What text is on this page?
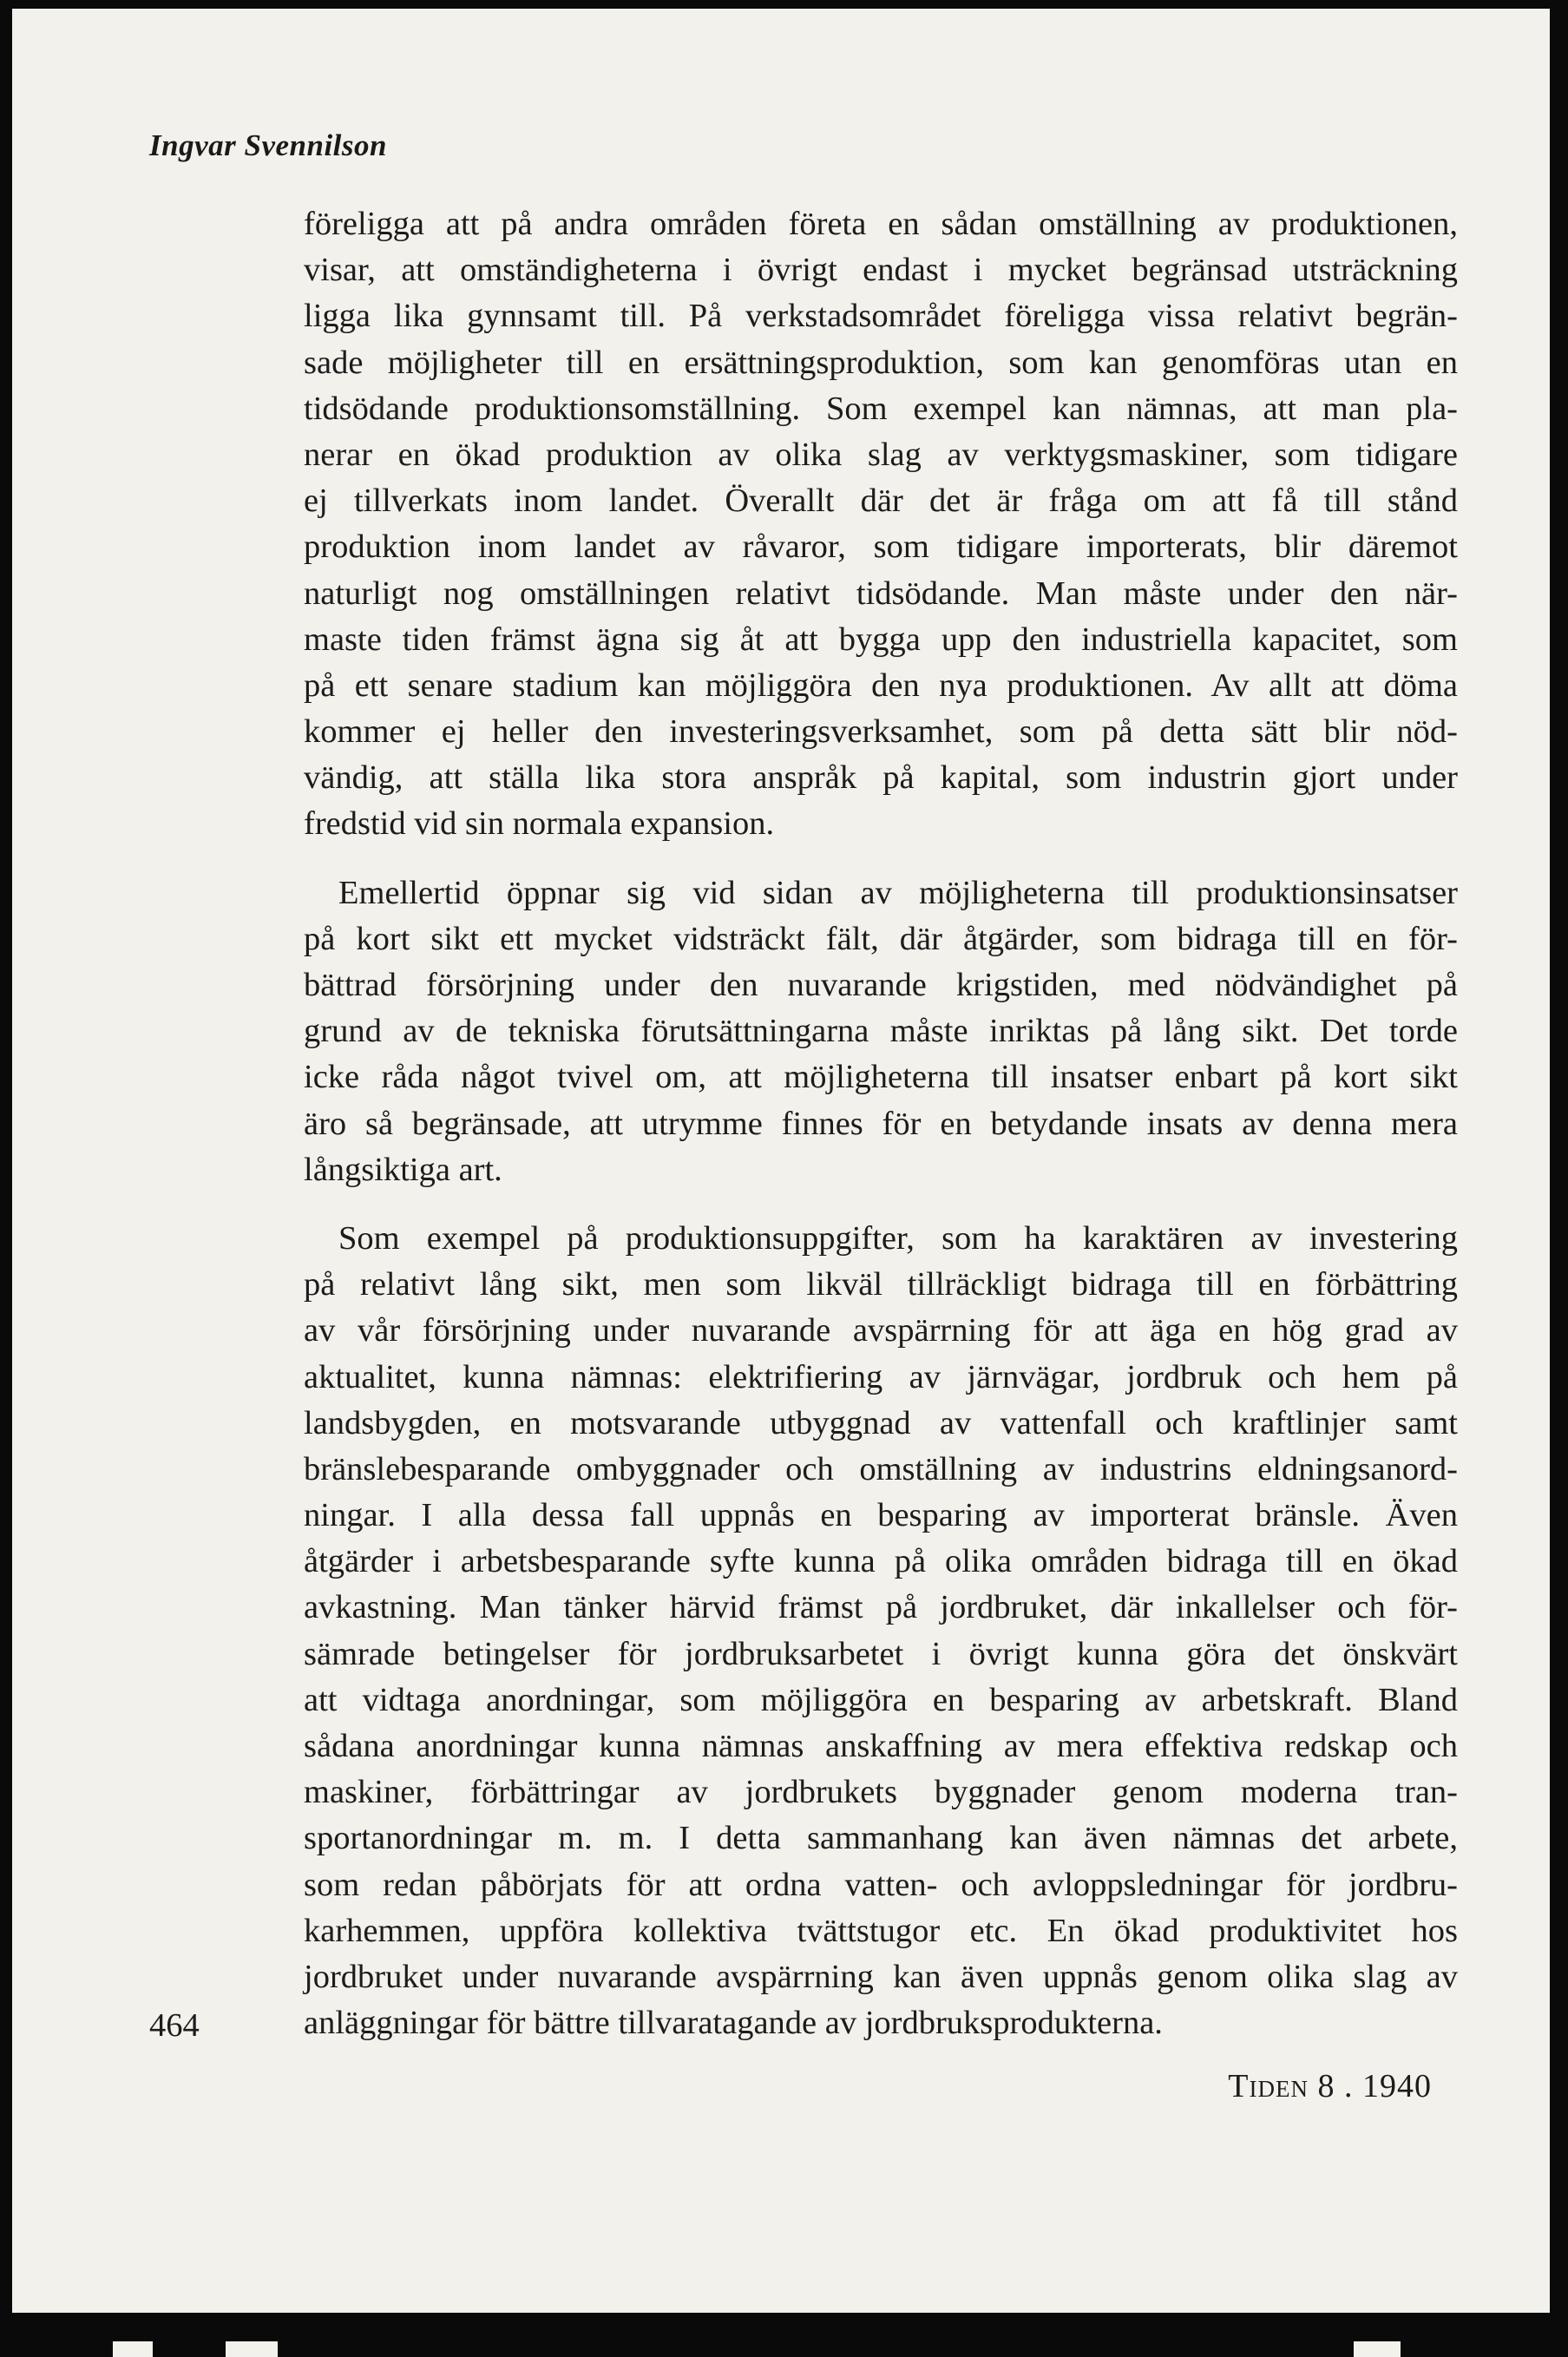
Ingvar Svennilson

föreligga att på andra områden företa en sådan omställning av produktionen,
visar, att omständigheterna i övrigt endast i mycket begränsad utsträckning
ligga lika gynnsamt till. På verkstadsområdet föreligga vissa relativt begrän-
sade möjligheter till en ersättningsproduktion, som kan genomföras utan en
tidsödande produktionsomställning. Som exempel kan nämnas, att man pla-
nerar en ökad produktion av olika slag av verktygsmaskiner, som tidigare
ej tillverkats inom landet. Överallt där det är fråga om att få till stånd
produktion inom landet av råvaror, som tidigare importerats, blir däremot
naturligt nog omställningen relativt tidsödande. Man måste under den när-
maste tiden främst ägna sig åt att bygga upp den industriella kapacitet, som
på ett senare stadium kan möjliggöra den nya produktionen. Av allt att döma
kommer ej heller den investeringsverksamhet, som på detta sätt blir nöd-
vändig, att ställa lika stora anspråk på kapital, som industrin gjort under
fredstid vid sin normala expansion.

Emellertid öppnar sig vid sidan av möjligheterna till produktionsinsatser
på kort sikt ett mycket vidsträckt fält, där åtgärder, som bidraga till en för-
bättrad försörjning under den nuvarande krigstiden, med nödvändighet på
grund av de tekniska förutsättningarna måste inriktas på lång sikt. Det torde
icke råda något tvivel om, att möjligheterna till insatser enbart på kort sikt
äro så begränsade, att utrymme finnes för en betydande insats av denna mera
långsiktiga art.

Som exempel på produktionsuppgifter, som ha karaktären av investering
på relativt lång sikt, men som likväl tillräckligt bidraga till en förbättring
av vår försörjning under nuvarande avspärrning för att äga en hög grad av
aktualitet, kunna nämnas: elektrifiering av järnvägar, jordbruk och hem på
landsbygden, en motsvarande utbyggnad av vattenfall och kraftlinjer samt
bränslebesparande ombyggnader och omställning av industrins eldningsanord-
ningar. I alla dessa fall uppnås en besparing av importerat bränsle. Även
åtgärder i arbetsbesparande syfte kunna på olika områden bidraga till en ökad
avkastning. Man tänker härvid främst på jordbruket, där inkallelser och för-
sämrade betingelser för jordbruksarbetet i övrigt kunna göra det önskvärt
att vidtaga anordningar, som möjliggöra en besparing av arbetskraft. Bland
sådana anordningar kunna nämnas anskaffning av mera effektiva redskap och
maskiner, förbättringar av jordbrukets byggnader genom moderna tran-
sportanordningar m. m. I detta sammanhang kan även nämnas det arbete,
som redan påbörjats för att ordna vatten- och avloppsledningar för jordbru-
karhemmen, uppföra kollektiva tvättstugor etc. En ökad produktivitet hos
jordbruket under nuvarande avspärrning kan även uppnås genom olika slag av
anläggningar för bättre tillvaratagande av jordbruksprodukterna.

464
Tiden 8 . 1940
